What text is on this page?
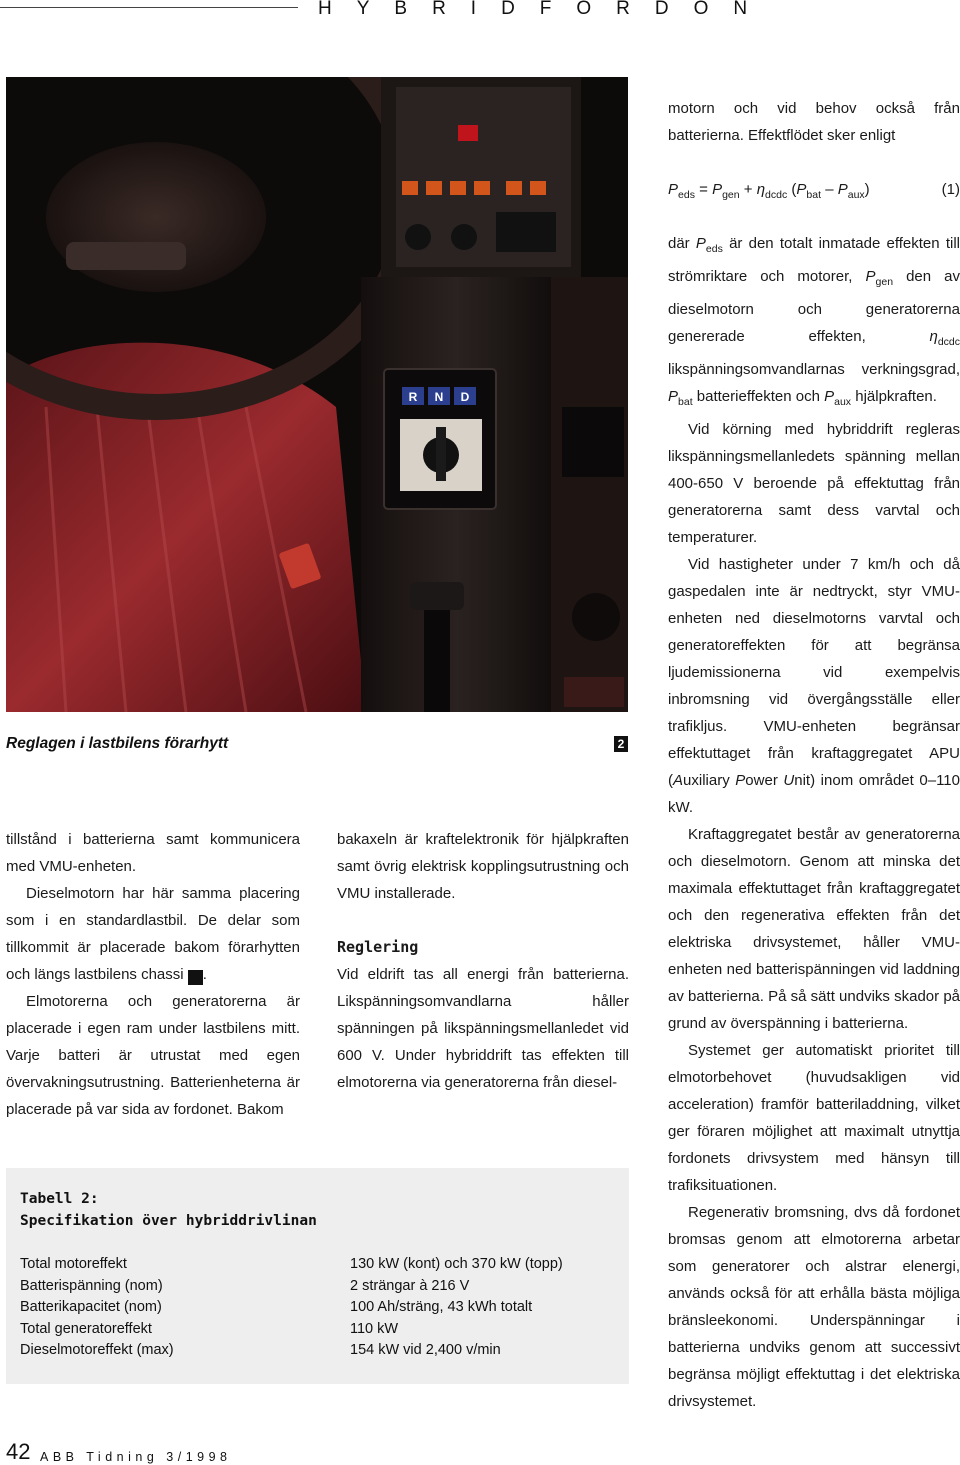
HYBRIDFORDON
R N D
Reglagen i lastbilens förarhytt	2

tillstånd i batterierna samt kommunicera med VMU-enheten.

Dieselmotorn har här samma placering som i en standardlastbil. De delar som tillkommit är placerade bakom förarhytten och längs lastbilens chassi 3.

Elmotorerna och generatorerna är placerade i egen ram under lastbilens mitt. Varje batteri är utrustat med egen övervakningsutrustning. Batterienheterna är placerade på var sida av fordonet. Bakom

bakaxeln är kraftelektronik för hjälpkraften samt övrig elektrisk kopplingsutrustning och VMU installerade.

Reglering

Vid eldrift tas all energi från batterierna. Likspänningsomvandlarna håller spänningen på likspänningsmellanledet vid 600 V. Under hybriddrift tas effekten till elmotorerna via generatorerna från diesel-

motorn och vid behov också från batterierna. Effektflödet sker enligt

$P_{eds} = P_{gen} + \eta_{dcdc}$ $(P_{bat} - P_{aux})$	(1)

där $P_{eds}$ är den totalt inmatade effekten till strömriktare och motorer, $P_{gen}$ den av dieselmotorn och generatorerna genererade effekten, $\eta_{dcdc}$ likspänningsomvandlarnas verkningsgrad, $P_{bat}$ batterieffekten och $P_{aux}$ hjälpkraften.

Vid körning med hybriddrift regleras likspänningsmellanledets spänning mellan 400-650 V beroende på effektuttag från generatorerna samt dess varvtal och temperaturer.

Vid hastigheter under 7 km/h och då gaspedalen inte är nedtryckt, styr VMU-enheten ned dieselmotorns varvtal och generatoreffekten för att begränsa ljudemissionerna vid exempelvis inbromsning vid övergångsställe eller trafikljus. VMU-enheten begränsar effektuttaget från kraftaggregatet APU (Auxiliary Power Unit) inom området 0–110 kW.

Kraftaggregatet består av generatorerna och dieselmotorn. Genom att minska det maximala effektuttaget från kraftaggregatet och den regenerativa effekten från det elektriska drivsystemet, håller VMU-enheten ned batterispänningen vid laddning av batterierna. På så sätt undviks skador på grund av överspänning i batterierna.

Systemet ger automatiskt prioritet till elmotorbehovet (huvudsakligen vid acceleration) framför batteriladdning, vilket ger föraren möjlighet att maximalt utnyttja fordonets drivsystem med hänsyn till trafiksituationen.

Regenerativ bromsning, dvs då fordonet bromsas genom att elmotorerna arbetar som generatorer och alstrar elenergi, används också för att erhålla bästa möjliga bränsleekonomi. Underspänningar i batterierna undviks genom att successivt begränsa möjligt effektuttag i det elektriska drivsystemet.

Tabell 2:
Specifikation över hybriddrivlinan
Total motoreffekt	130 kW (kont) och 370 kW (topp)
Batterispänning (nom)	2 strängar à 216 V
Batterikapacitet (nom)	100 Ah/sträng, 43 kWh totalt
Total generatoreffekt	110 kW
Dieselmotoreffekt (max)	154 kW vid 2,400 v/min
42 ABB Tidning 3/1998
